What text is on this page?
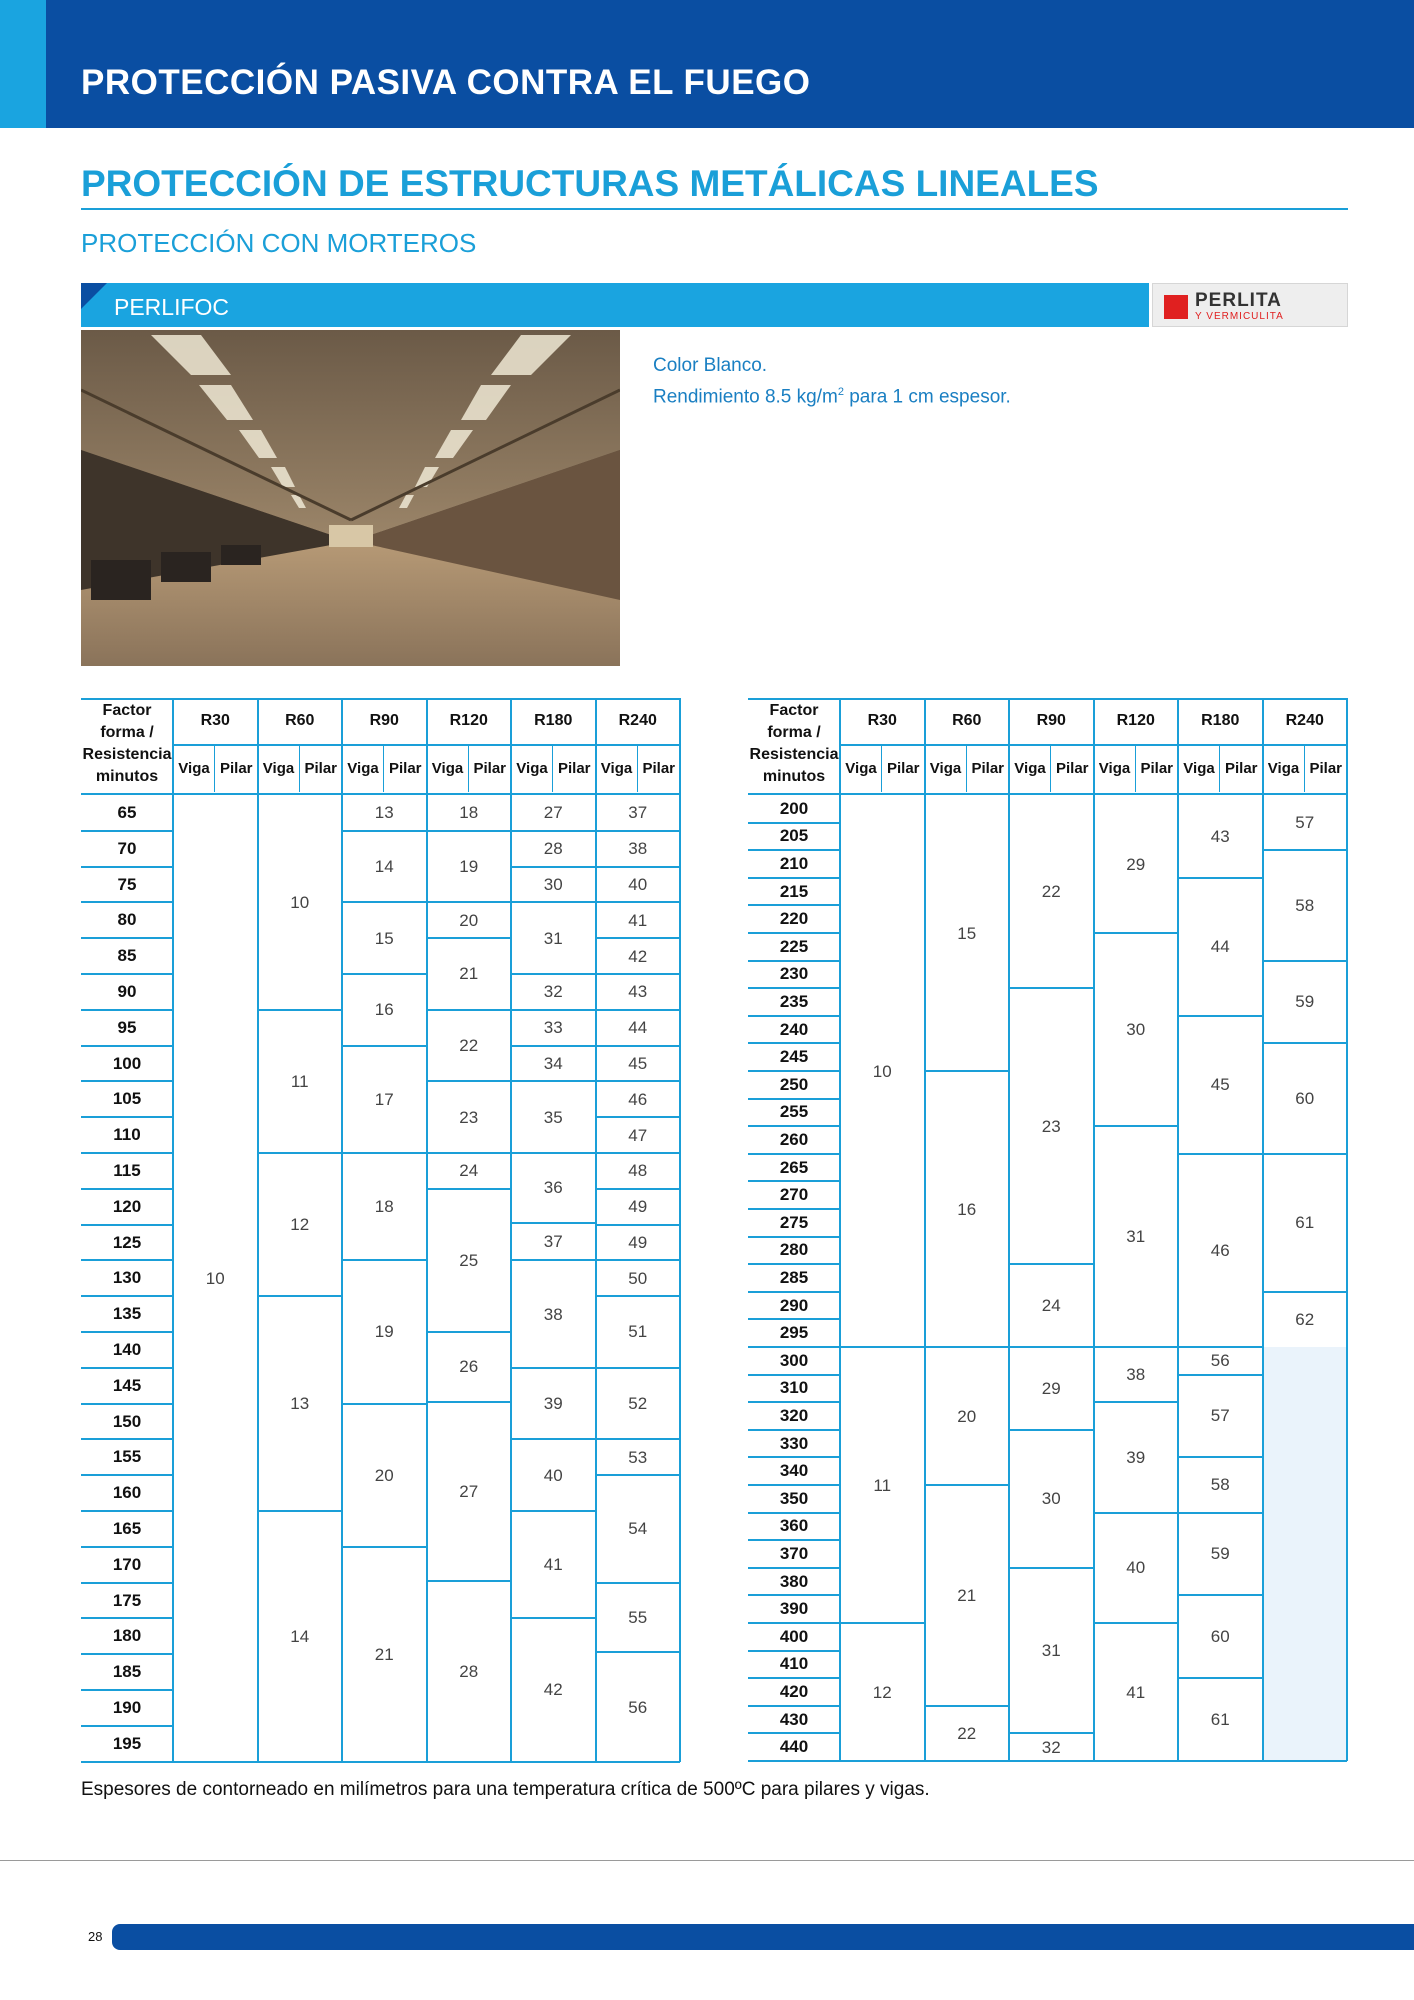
PROTECCIÓN PASIVA CONTRA EL FUEGO
PROTECCIÓN DE ESTRUCTURAS METÁLICAS LINEALES
PROTECCIÓN CON MORTEROS
PERLIFOC	PERLITA
Y VERMICULITA
Color Blanco.
Rendimiento 8.5 $kg/m^2$ para 1 cm espesor.
Factor
forma /
Resistencia
minutos
R30
Viga Pilar
R60
Viga Pilar
R90
Viga Pilar
R120
Viga Pilar
R180
Viga Pilar
R240
Viga Pilar
65
70
75
80
85
90
95
100
105
110
115
120
125
130
135
140
145
150
155
160
165
170
175
180
185
190
195
10
10
11
12
13
14
13
14
15
16
17
18
19
20
21
18
19
20
21
22
23
24
25
26
27
28
27
28
30
31
32
33
34
35
36
37
38
39
40
41
42
37
38
40
41
42
43
44
45
46
47
48
49
49
50
51
52
53
54
55
56
Factor
forma /
Resistencia
minutos
R30
Viga Pilar
R60
Viga Pilar
R90
Viga Pilar
R120
Viga Pilar
R180
Viga Pilar
R240
Viga Pilar
200
205
210
215
220
225
230
235
240
245
250
255
260
265
270
275
280
285
290
295
300
310
320
330
340
350
360
370
380
390
400
410
420
430
440
10
11
12
15
16
20
21
22
22
23
24
29
30
31
32
29
30
31
38
39
40
41
43
44
45
46
56
57
58
59
60
61
57
58
59
60
61
62
Espesores de contorneado en milímetros para una temperatura crítica de 500ºC para pilares y vigas.
28
